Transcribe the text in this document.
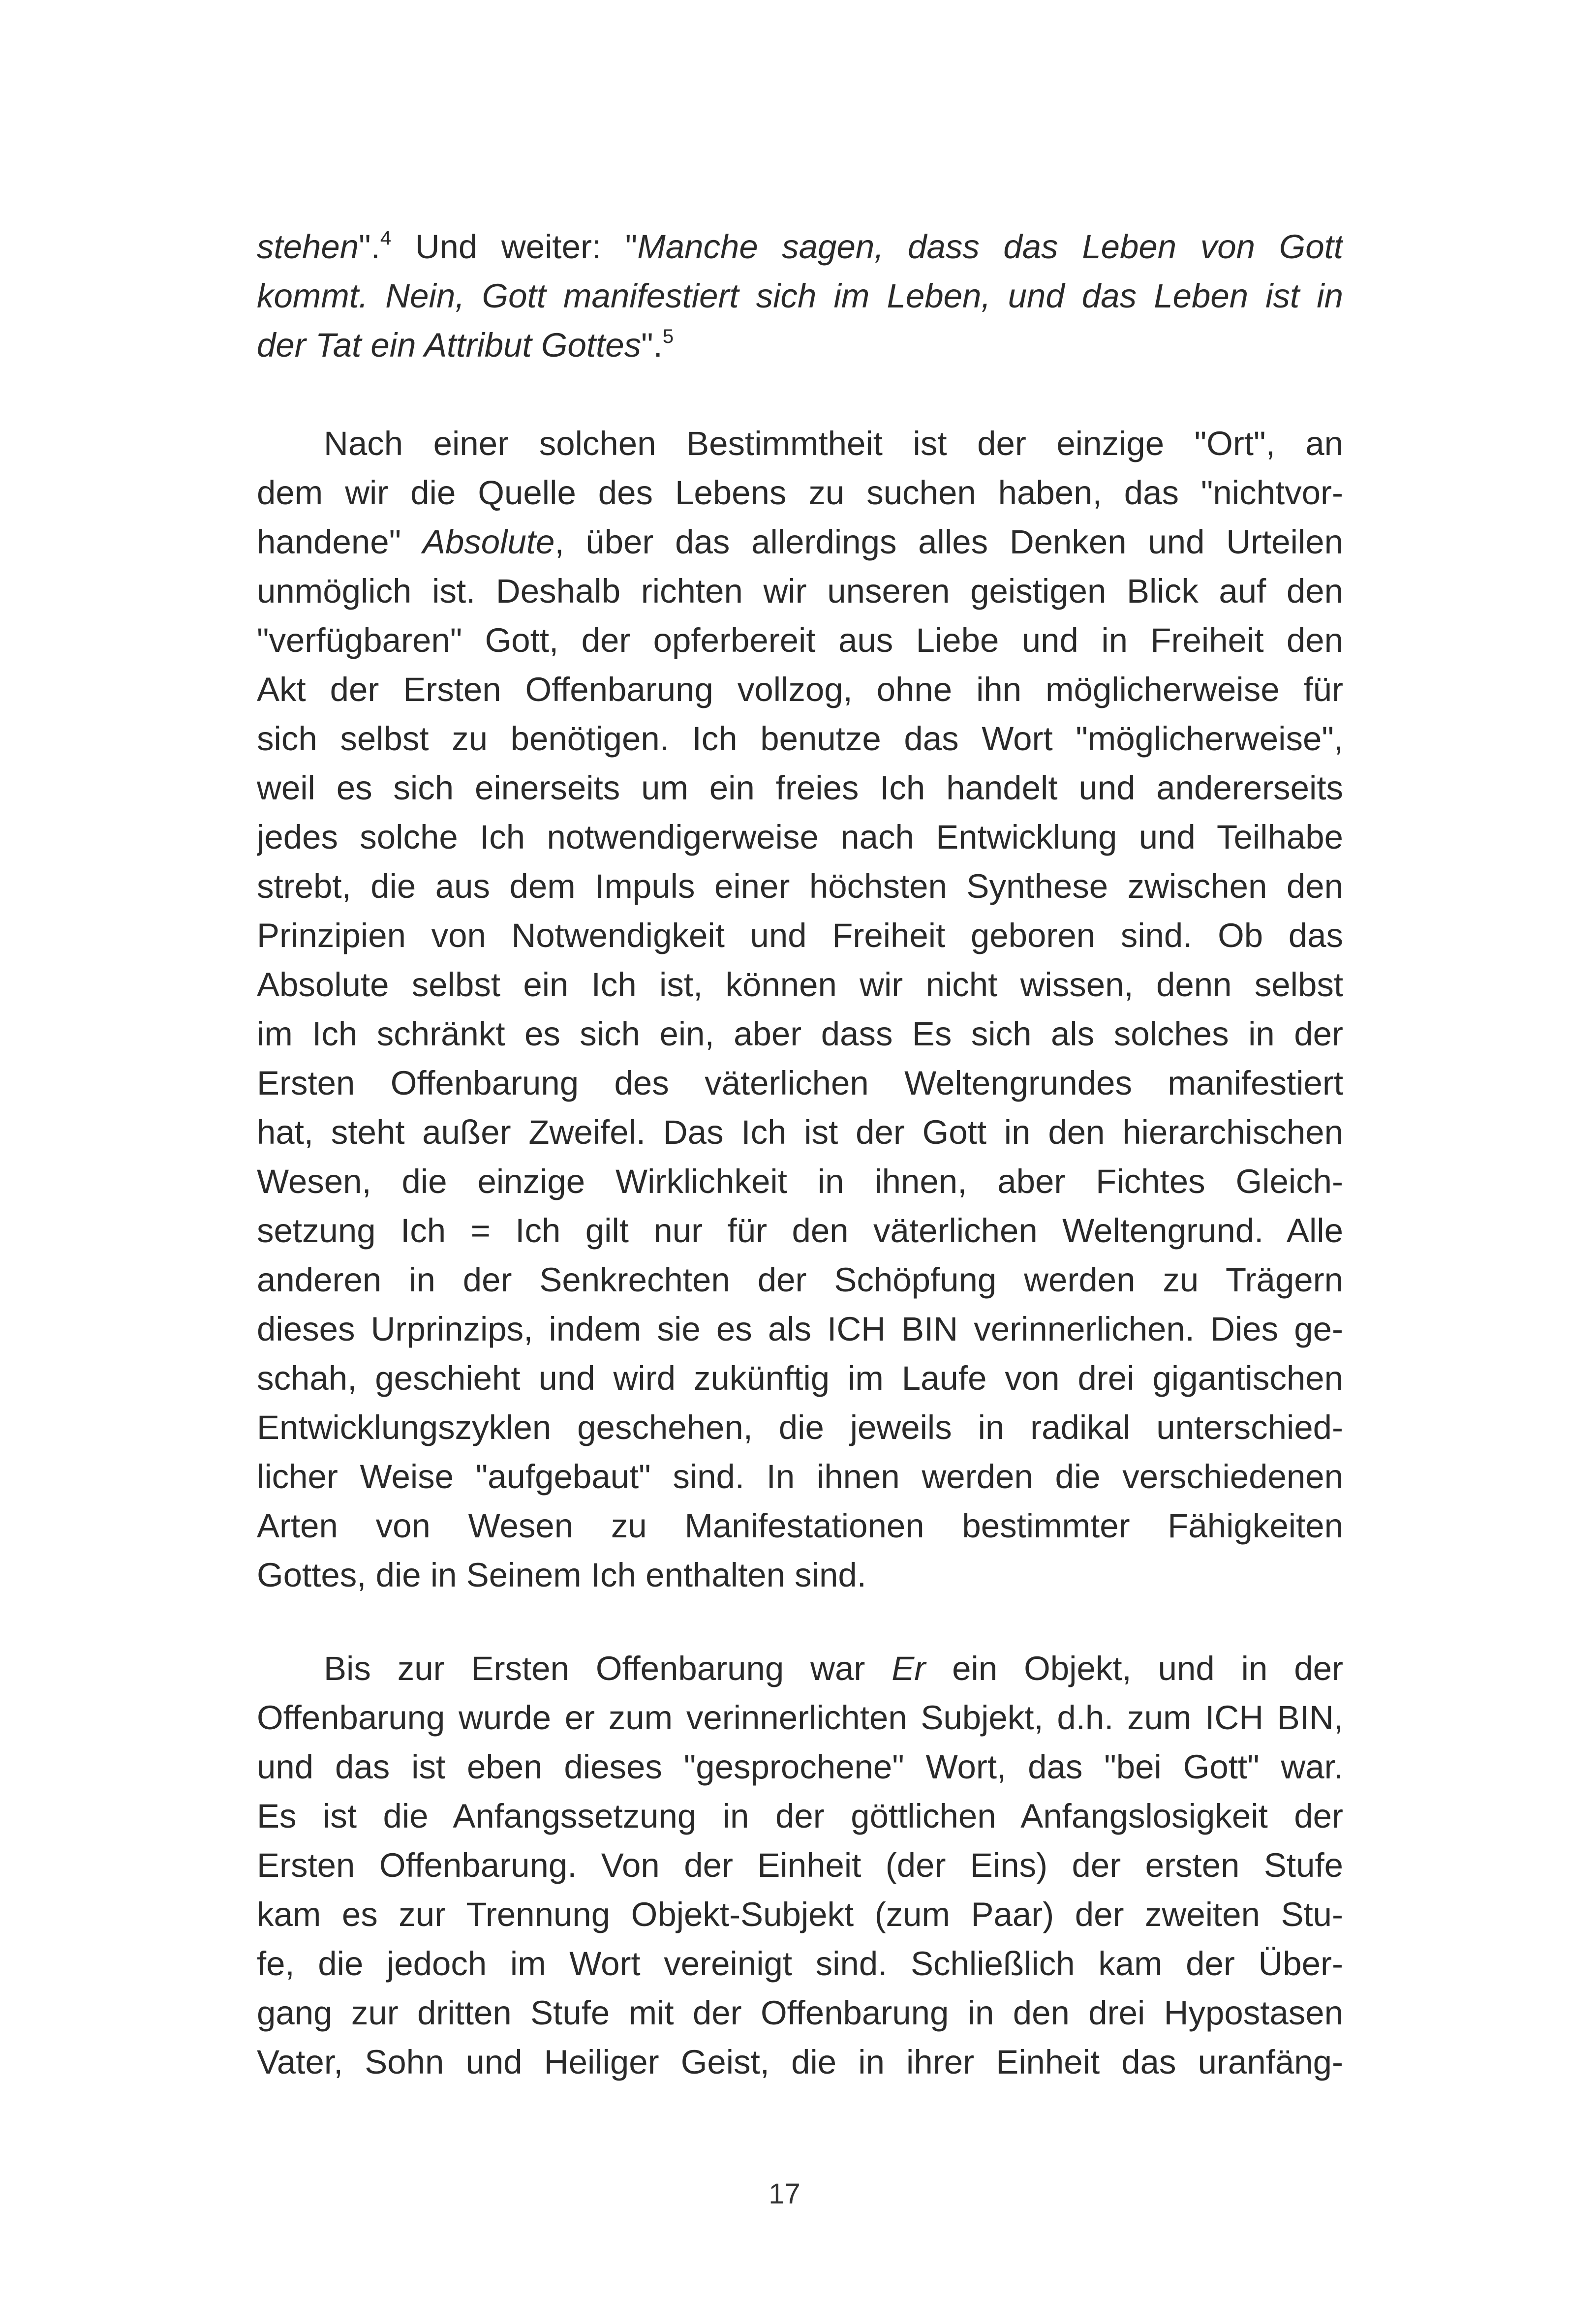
stehen".$^4$ Und weiter: "Manche sagen, dass das Leben von Gott
kommt. Nein, Gott manifestiert sich im Leben, und das Leben ist in
der Tat ein Attribut Gottes".$^5$
Nach einer solchen Bestimmtheit ist der einzige "Ort", an
dem wir die Quelle des Lebens zu suchen haben, das "nichtvor-
handene" Absolute, über das allerdings alles Denken und Urteilen
unmöglich ist. Deshalb richten wir unseren geistigen Blick auf den
"verfügbaren" Gott, der opferbereit aus Liebe und in Freiheit den
Akt der Ersten Offenbarung vollzog, ohne ihn möglicherweise für
sich selbst zu benötigen. Ich benutze das Wort "möglicherweise",
weil es sich einerseits um ein freies Ich handelt und andererseits
jedes solche Ich notwendigerweise nach Entwicklung und Teilhabe
strebt, die aus dem Impuls einer höchsten Synthese zwischen den
Prinzipien von Notwendigkeit und Freiheit geboren sind. Ob das
Absolute selbst ein Ich ist, können wir nicht wissen, denn selbst
im Ich schränkt es sich ein, aber dass Es sich als solches in der
Ersten Offenbarung des väterlichen Weltengrundes manifestiert
hat, steht außer Zweifel. Das Ich ist der Gott in den hierarchischen
Wesen, die einzige Wirklichkeit in ihnen, aber Fichtes Gleich-
setzung Ich = Ich gilt nur für den väterlichen Weltengrund. Alle
anderen in der Senkrechten der Schöpfung werden zu Trägern
dieses Urprinzips, indem sie es als ICH BIN verinnerlichen. Dies ge-
schah, geschieht und wird zukünftig im Laufe von drei gigantischen
Entwicklungszyklen geschehen, die jeweils in radikal unterschied-
licher Weise "aufgebaut" sind. In ihnen werden die verschiedenen
Arten von Wesen zu Manifestationen bestimmter Fähigkeiten
Gottes, die in Seinem Ich enthalten sind.
Bis zur Ersten Offenbarung war Er ein Objekt, und in der
Offenbarung wurde er zum verinnerlichten Subjekt, d.h. zum ICH BIN,
und das ist eben dieses "gesprochene" Wort, das "bei Gott" war.
Es ist die Anfangssetzung in der göttlichen Anfangslosigkeit der
Ersten Offenbarung. Von der Einheit (der Eins) der ersten Stufe
kam es zur Trennung Objekt-Subjekt (zum Paar) der zweiten Stu-
fe, die jedoch im Wort vereinigt sind. Schließlich kam der Über-
gang zur dritten Stufe mit der Offenbarung in den drei Hypostasen
Vater, Sohn und Heiliger Geist, die in ihrer Einheit das uranfäng-
17
